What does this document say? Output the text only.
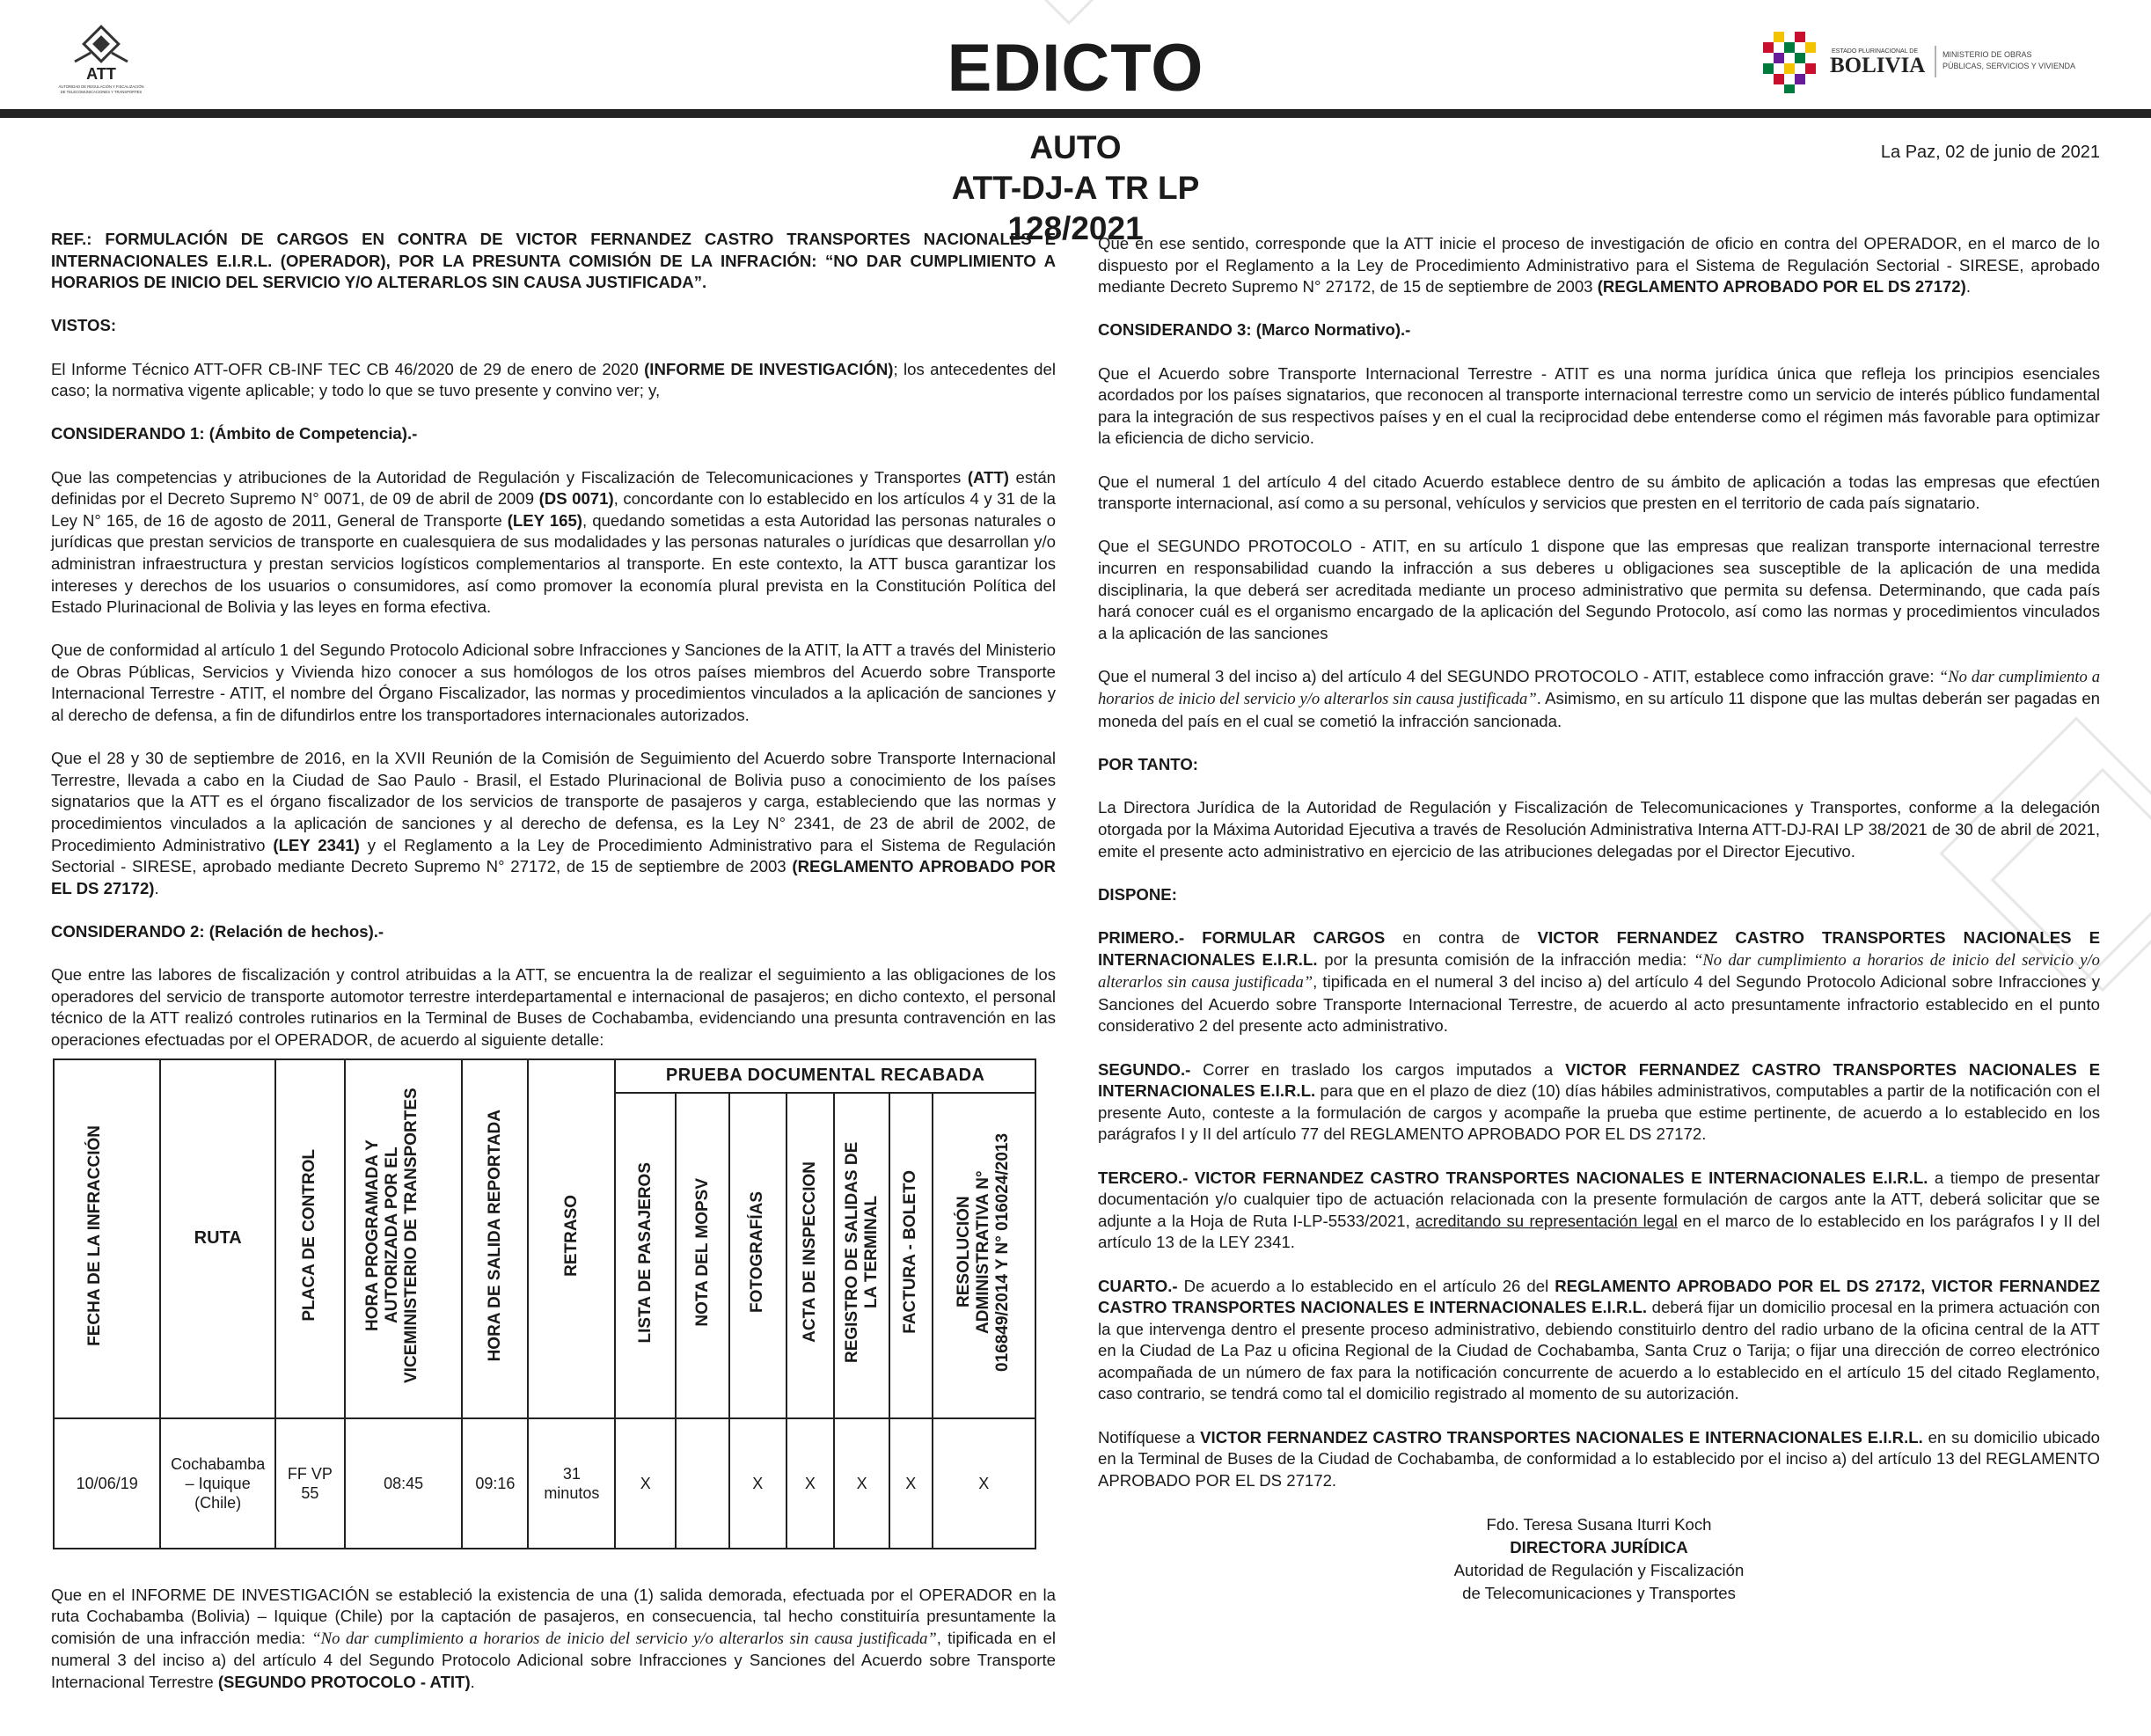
ATT
AUTORIDAD DE REGULACIÓN Y FISCALIZACIÓN
DE TELECOMUNICACIONES Y TRANSPORTES	EDICTO	ESTADO PLURINACIONAL DE
BOLIVIA MINISTERIO DE OBRAS
PÚBLICAS, SERVICIOS Y VIVIENDA
AUTO
ATT-DJ-A TR LP 128/2021
La Paz, 02 de junio de 2021

REF.: FORMULACIÓN DE CARGOS EN CONTRA DE VICTOR FERNANDEZ CASTRO TRANSPORTES NACIONALES E INTERNACIONALES E.I.R.L. (OPERADOR), POR LA PRESUNTA COMISIÓN DE LA INFRACIÓN: “NO DAR CUMPLIMIENTO A HORARIOS DE INICIO DEL SERVICIO Y/O ALTERARLOS SIN CAUSA JUSTIFICADA”.

VISTOS:

El Informe Técnico ATT-OFR CB-INF TEC CB 46/2020 de 29 de enero de 2020 (INFORME DE INVESTIGACIÓN); los antecedentes del caso; la normativa vigente aplicable; y todo lo que se tuvo presente y convino ver; y,

CONSIDERANDO 1: (Ámbito de Competencia).-

Que las competencias y atribuciones de la Autoridad de Regulación y Fiscalización de Telecomunicaciones y Transportes (ATT) están definidas por el Decreto Supremo N° 0071, de 09 de abril de 2009 (DS 0071), concordante con lo establecido en los artículos 4 y 31 de la Ley N° 165, de 16 de agosto de 2011, General de Transporte (LEY 165), quedando sometidas a esta Autoridad las personas naturales o jurídicas que prestan servicios de transporte en cualesquiera de sus modalidades y las personas naturales o jurídicas que desarrollan y/o administran infraestructura y prestan servicios logísticos complementarios al transporte. En este contexto, la ATT busca garantizar los intereses y derechos de los usuarios o consumidores, así como promover la economía plural prevista en la Constitución Política del Estado Plurinacional de Bolivia y las leyes en forma efectiva.

Que de conformidad al artículo 1 del Segundo Protocolo Adicional sobre Infracciones y Sanciones de la ATIT, la ATT a través del Ministerio de Obras Públicas, Servicios y Vivienda hizo conocer a sus homólogos de los otros países miembros del Acuerdo sobre Transporte Internacional Terrestre - ATIT, el nombre del Órgano Fiscalizador, las normas y procedimientos vinculados a la aplicación de sanciones y al derecho de defensa, a fin de difundirlos entre los transportadores internacionales autorizados.

Que el 28 y 30 de septiembre de 2016, en la XVII Reunión de la Comisión de Seguimiento del Acuerdo sobre Transporte Internacional Terrestre, llevada a cabo en la Ciudad de Sao Paulo - Brasil, el Estado Plurinacional de Bolivia puso a conocimiento de los países signatarios que la ATT es el órgano fiscalizador de los servicios de transporte de pasajeros y carga, estableciendo que las normas y procedimientos vinculados a la aplicación de sanciones y al derecho de defensa, es la Ley N° 2341, de 23 de abril de 2002, de Procedimiento Administrativo (LEY 2341) y el Reglamento a la Ley de Procedimiento Administrativo para el Sistema de Regulación Sectorial - SIRESE, aprobado mediante Decreto Supremo N° 27172, de 15 de septiembre de 2003 (REGLAMENTO APROBADO POR EL DS 27172).

CONSIDERANDO 2: (Relación de hechos).-

Que entre las labores de fiscalización y control atribuidas a la ATT, se encuentra la de realizar el seguimiento a las obligaciones de los operadores del servicio de transporte automotor terrestre interdepartamental e internacional de pasajeros; en dicho contexto, el personal técnico de la ATT realizó controles rutinarios en la Terminal de Buses de Cochabamba, evidenciando una presunta contravención en las operaciones efectuadas por el OPERADOR, de acuerdo al siguiente detalle:

FECHA DE LA INFRACCIÓN	RUTA	PLACA DE CONTROL	HORA PROGRAMADA Y AUTORIZADA POR EL VICEMINISTERIO DE TRANSPORTES	HORA DE SALIDA REPORTADA	RETRASO	PRUEBA DOCUMENTAL RECABADA						
						LISTA DE PASAJEROS	NOTA DEL MOPSV	FOTOGRAFÍAS	ACTA DE INSPECCION	REGISTRO DE SALIDAS DE LA TERMINAL	FACTURA - BOLETO	RESOLUCIÓN ADMINISTRATIVA N° 016849/2014 Y N° 016024/2013
10/06/19	Cochabamba – Iquique (Chile)	FF VP 55	08:45	09:16	31 minutos	X		X	X	X	X	X

Que en el INFORME DE INVESTIGACIÓN se estableció la existencia de una (1) salida demorada, efectuada por el OPERADOR en la ruta Cochabamba (Bolivia) – Iquique (Chile) por la captación de pasajeros, en consecuencia, tal hecho constituiría presuntamente la comisión de una infracción media: “No dar cumplimiento a horarios de inicio del servicio y/o alterarlos sin causa justificada”, tipificada en el numeral 3 del inciso a) del artículo 4 del Segundo Protocolo Adicional sobre Infracciones y Sanciones del Acuerdo sobre Transporte Internacional Terrestre (SEGUNDO PROTOCOLO - ATIT).

Que en ese sentido, corresponde que la ATT inicie el proceso de investigación de oficio en contra del OPERADOR, en el marco de lo dispuesto por el Reglamento a la Ley de Procedimiento Administrativo para el Sistema de Regulación Sectorial - SIRESE, aprobado mediante Decreto Supremo N° 27172, de 15 de septiembre de 2003 (REGLAMENTO APROBADO POR EL DS 27172).

CONSIDERANDO 3: (Marco Normativo).-

Que el Acuerdo sobre Transporte Internacional Terrestre - ATIT es una norma jurídica única que refleja los principios esenciales acordados por los países signatarios, que reconocen al transporte internacional terrestre como un servicio de interés público fundamental para la integración de sus respectivos países y en el cual la reciprocidad debe entenderse como el régimen más favorable para optimizar la eficiencia de dicho servicio.

Que el numeral 1 del artículo 4 del citado Acuerdo establece dentro de su ámbito de aplicación a todas las empresas que efectúen transporte internacional, así como a su personal, vehículos y servicios que presten en el territorio de cada país signatario.

Que el SEGUNDO PROTOCOLO - ATIT, en su artículo 1 dispone que las empresas que realizan transporte internacional terrestre incurren en responsabilidad cuando la infracción a sus deberes u obligaciones sea susceptible de la aplicación de una medida disciplinaria, la que deberá ser acreditada mediante un proceso administrativo que permita su defensa. Determinando, que cada país hará conocer cuál es el organismo encargado de la aplicación del Segundo Protocolo, así como las normas y procedimientos vinculados a la aplicación de las sanciones

Que el numeral 3 del inciso a) del artículo 4 del SEGUNDO PROTOCOLO - ATIT, establece como infracción grave: “No dar cumplimiento a horarios de inicio del servicio y/o alterarlos sin causa justificada”. Asimismo, en su artículo 11 dispone que las multas deberán ser pagadas en moneda del país en el cual se cometió la infracción sancionada.

POR TANTO:

La Directora Jurídica de la Autoridad de Regulación y Fiscalización de Telecomunicaciones y Transportes, conforme a la delegación otorgada por la Máxima Autoridad Ejecutiva a través de Resolución Administrativa Interna ATT-DJ-RAI LP 38/2021 de 30 de abril de 2021, emite el presente acto administrativo en ejercicio de las atribuciones delegadas por el Director Ejecutivo.

DISPONE:

PRIMERO.- FORMULAR CARGOS en contra de VICTOR FERNANDEZ CASTRO TRANSPORTES NACIONALES E INTERNACIONALES E.I.R.L. por la presunta comisión de la infracción media: “No dar cumplimiento a horarios de inicio del servicio y/o alterarlos sin causa justificada”, tipificada en el numeral 3 del inciso a) del artículo 4 del Segundo Protocolo Adicional sobre Infracciones y Sanciones del Acuerdo sobre Transporte Internacional Terrestre, de acuerdo al acto presuntamente infractorio establecido en el punto considerativo 2 del presente acto administrativo.

SEGUNDO.- Correr en traslado los cargos imputados a VICTOR FERNANDEZ CASTRO TRANSPORTES NACIONALES E INTERNACIONALES E.I.R.L. para que en el plazo de diez (10) días hábiles administrativos, computables a partir de la notificación con el presente Auto, conteste a la formulación de cargos y acompañe la prueba que estime pertinente, de acuerdo a lo establecido en los parágrafos I y II del artículo 77 del REGLAMENTO APROBADO POR EL DS 27172.

TERCERO.- VICTOR FERNANDEZ CASTRO TRANSPORTES NACIONALES E INTERNACIONALES E.I.R.L. a tiempo de presentar documentación y/o cualquier tipo de actuación relacionada con la presente formulación de cargos ante la ATT, deberá solicitar que se adjunte a la Hoja de Ruta I-LP-5533/2021, acreditando su representación legal en el marco de lo establecido en los parágrafos I y II del artículo 13 de la LEY 2341.

CUARTO.- De acuerdo a lo establecido en el artículo 26 del REGLAMENTO APROBADO POR EL DS 27172, VICTOR FERNANDEZ CASTRO TRANSPORTES NACIONALES E INTERNACIONALES E.I.R.L. deberá fijar un domicilio procesal en la primera actuación con la que intervenga dentro el presente proceso administrativo, debiendo constituirlo dentro del radio urbano de la oficina central de la ATT en la Ciudad de La Paz u oficina Regional de la Ciudad de Cochabamba, Santa Cruz o Tarija; o fijar una dirección de correo electrónico acompañada de un número de fax para la notificación concurrente de acuerdo a lo establecido en el artículo 15 del citado Reglamento, caso contrario, se tendrá como tal el domicilio registrado al momento de su autorización.

Notifíquese a VICTOR FERNANDEZ CASTRO TRANSPORTES NACIONALES E INTERNACIONALES E.I.R.L. en su domicilio ubicado en la Terminal de Buses de la Ciudad de Cochabamba, de conformidad a lo establecido por el inciso a) del artículo 13 del REGLAMENTO APROBADO POR EL DS 27172.

Fdo. Teresa Susana Iturri Koch
DIRECTORA JURÍDICA
Autoridad de Regulación y Fiscalización
de Telecomunicaciones y Transportes
